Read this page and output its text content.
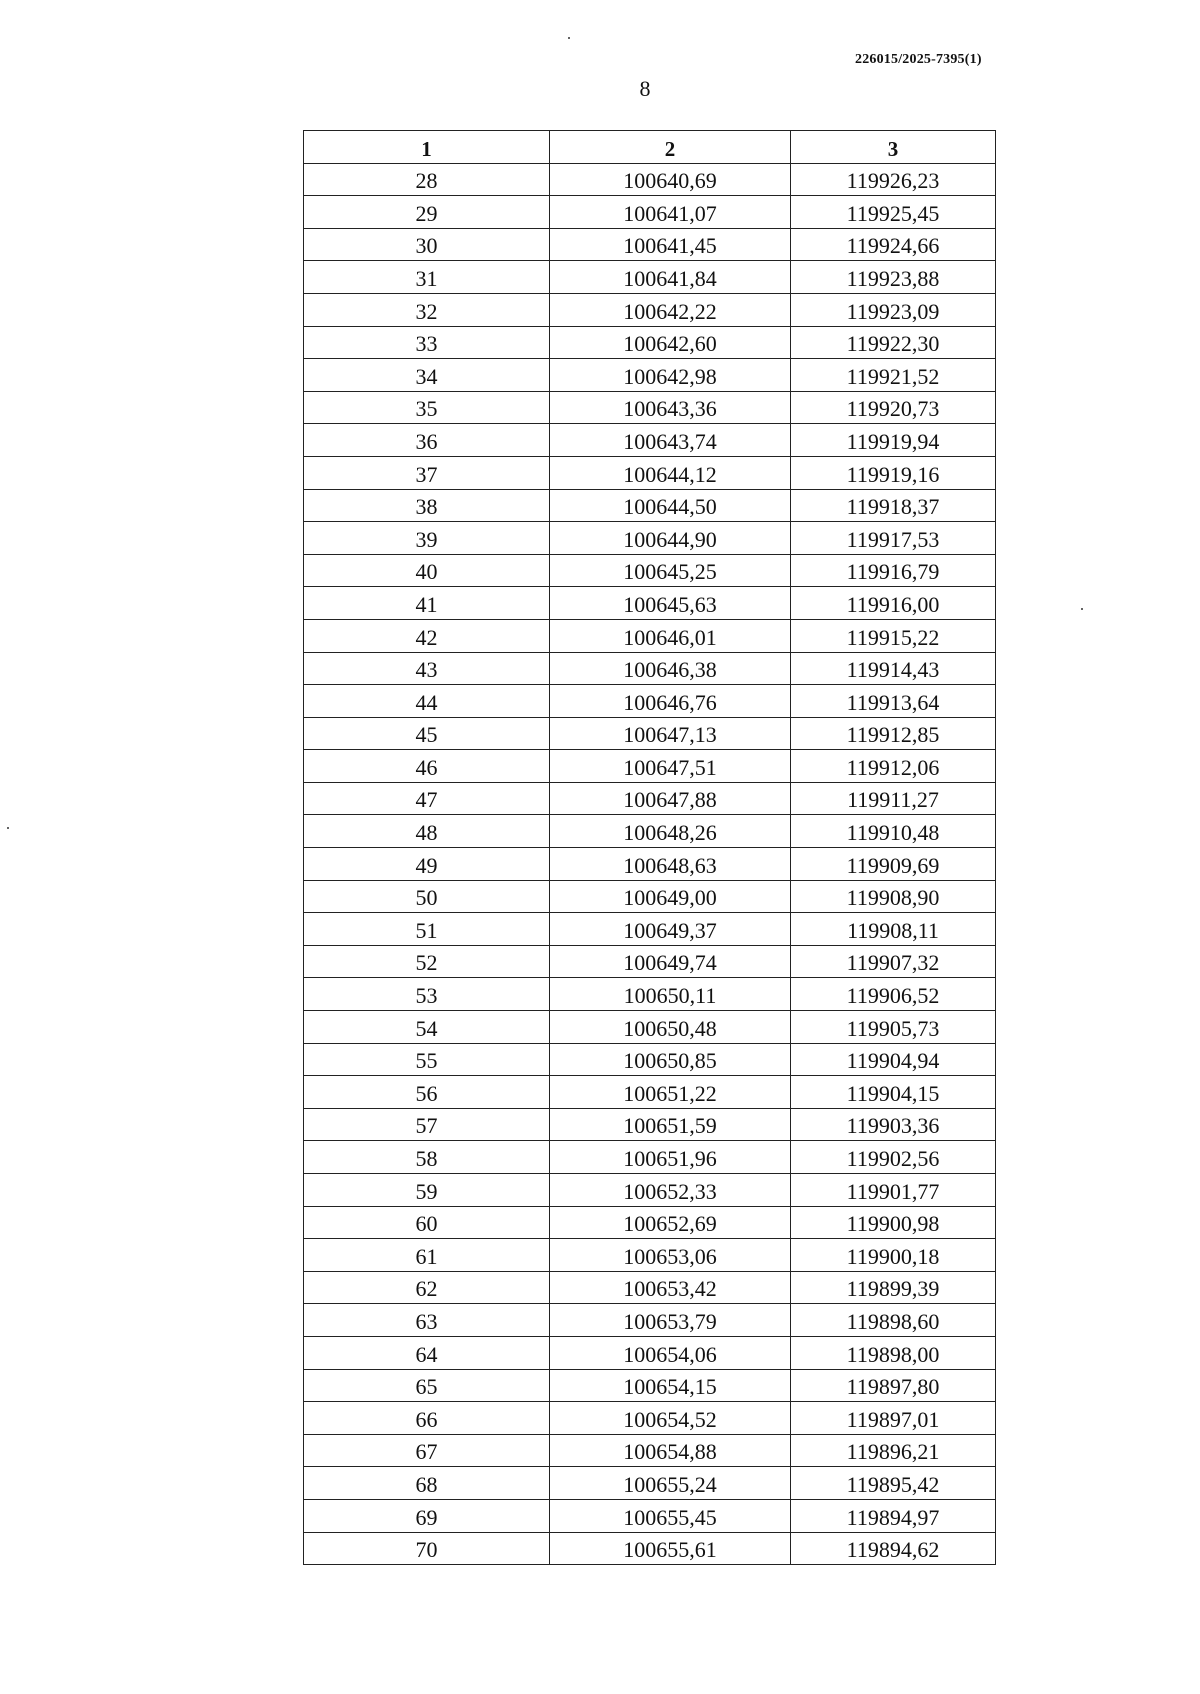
226015/2025-7395(1)
8
1	2	3
28	100640,69	119926,23
29	100641,07	119925,45
30	100641,45	119924,66
31	100641,84	119923,88
32	100642,22	119923,09
33	100642,60	119922,30
34	100642,98	119921,52
35	100643,36	119920,73
36	100643,74	119919,94
37	100644,12	119919,16
38	100644,50	119918,37
39	100644,90	119917,53
40	100645,25	119916,79
41	100645,63	119916,00
42	100646,01	119915,22
43	100646,38	119914,43
44	100646,76	119913,64
45	100647,13	119912,85
46	100647,51	119912,06
47	100647,88	119911,27
48	100648,26	119910,48
49	100648,63	119909,69
50	100649,00	119908,90
51	100649,37	119908,11
52	100649,74	119907,32
53	100650,11	119906,52
54	100650,48	119905,73
55	100650,85	119904,94
56	100651,22	119904,15
57	100651,59	119903,36
58	100651,96	119902,56
59	100652,33	119901,77
60	100652,69	119900,98
61	100653,06	119900,18
62	100653,42	119899,39
63	100653,79	119898,60
64	100654,06	119898,00
65	100654,15	119897,80
66	100654,52	119897,01
67	100654,88	119896,21
68	100655,24	119895,42
69	100655,45	119894,97
70	100655,61	119894,62
